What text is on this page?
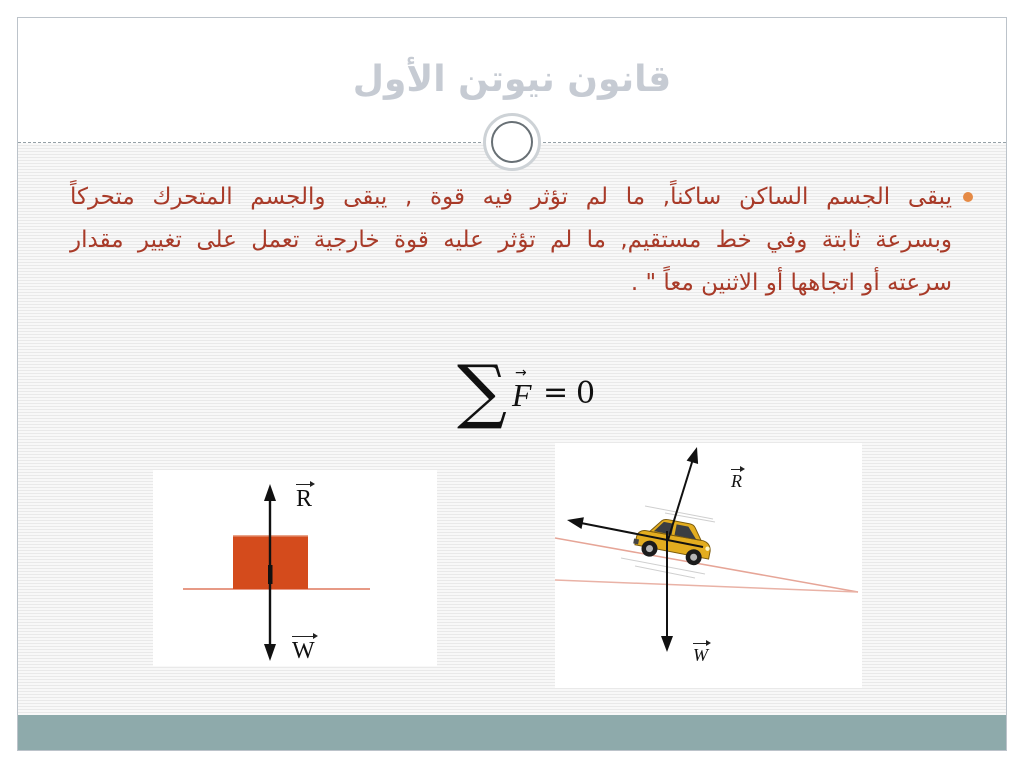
قانون نيوتن الأول
يبقى الجسم الساكن ساكناً, ما لم تؤثر فيه قوة , يبقى والجسم المتحرك متحركاً
وبسرعة ثابتة وفي خط مستقيم, ما لم تؤثر عليه قوة خارجية تعمل على تغيير مقدار
سرعته أو اتجاهها أو الاثنين معاً " .
∑ →
F = 0
R
W
R
W
